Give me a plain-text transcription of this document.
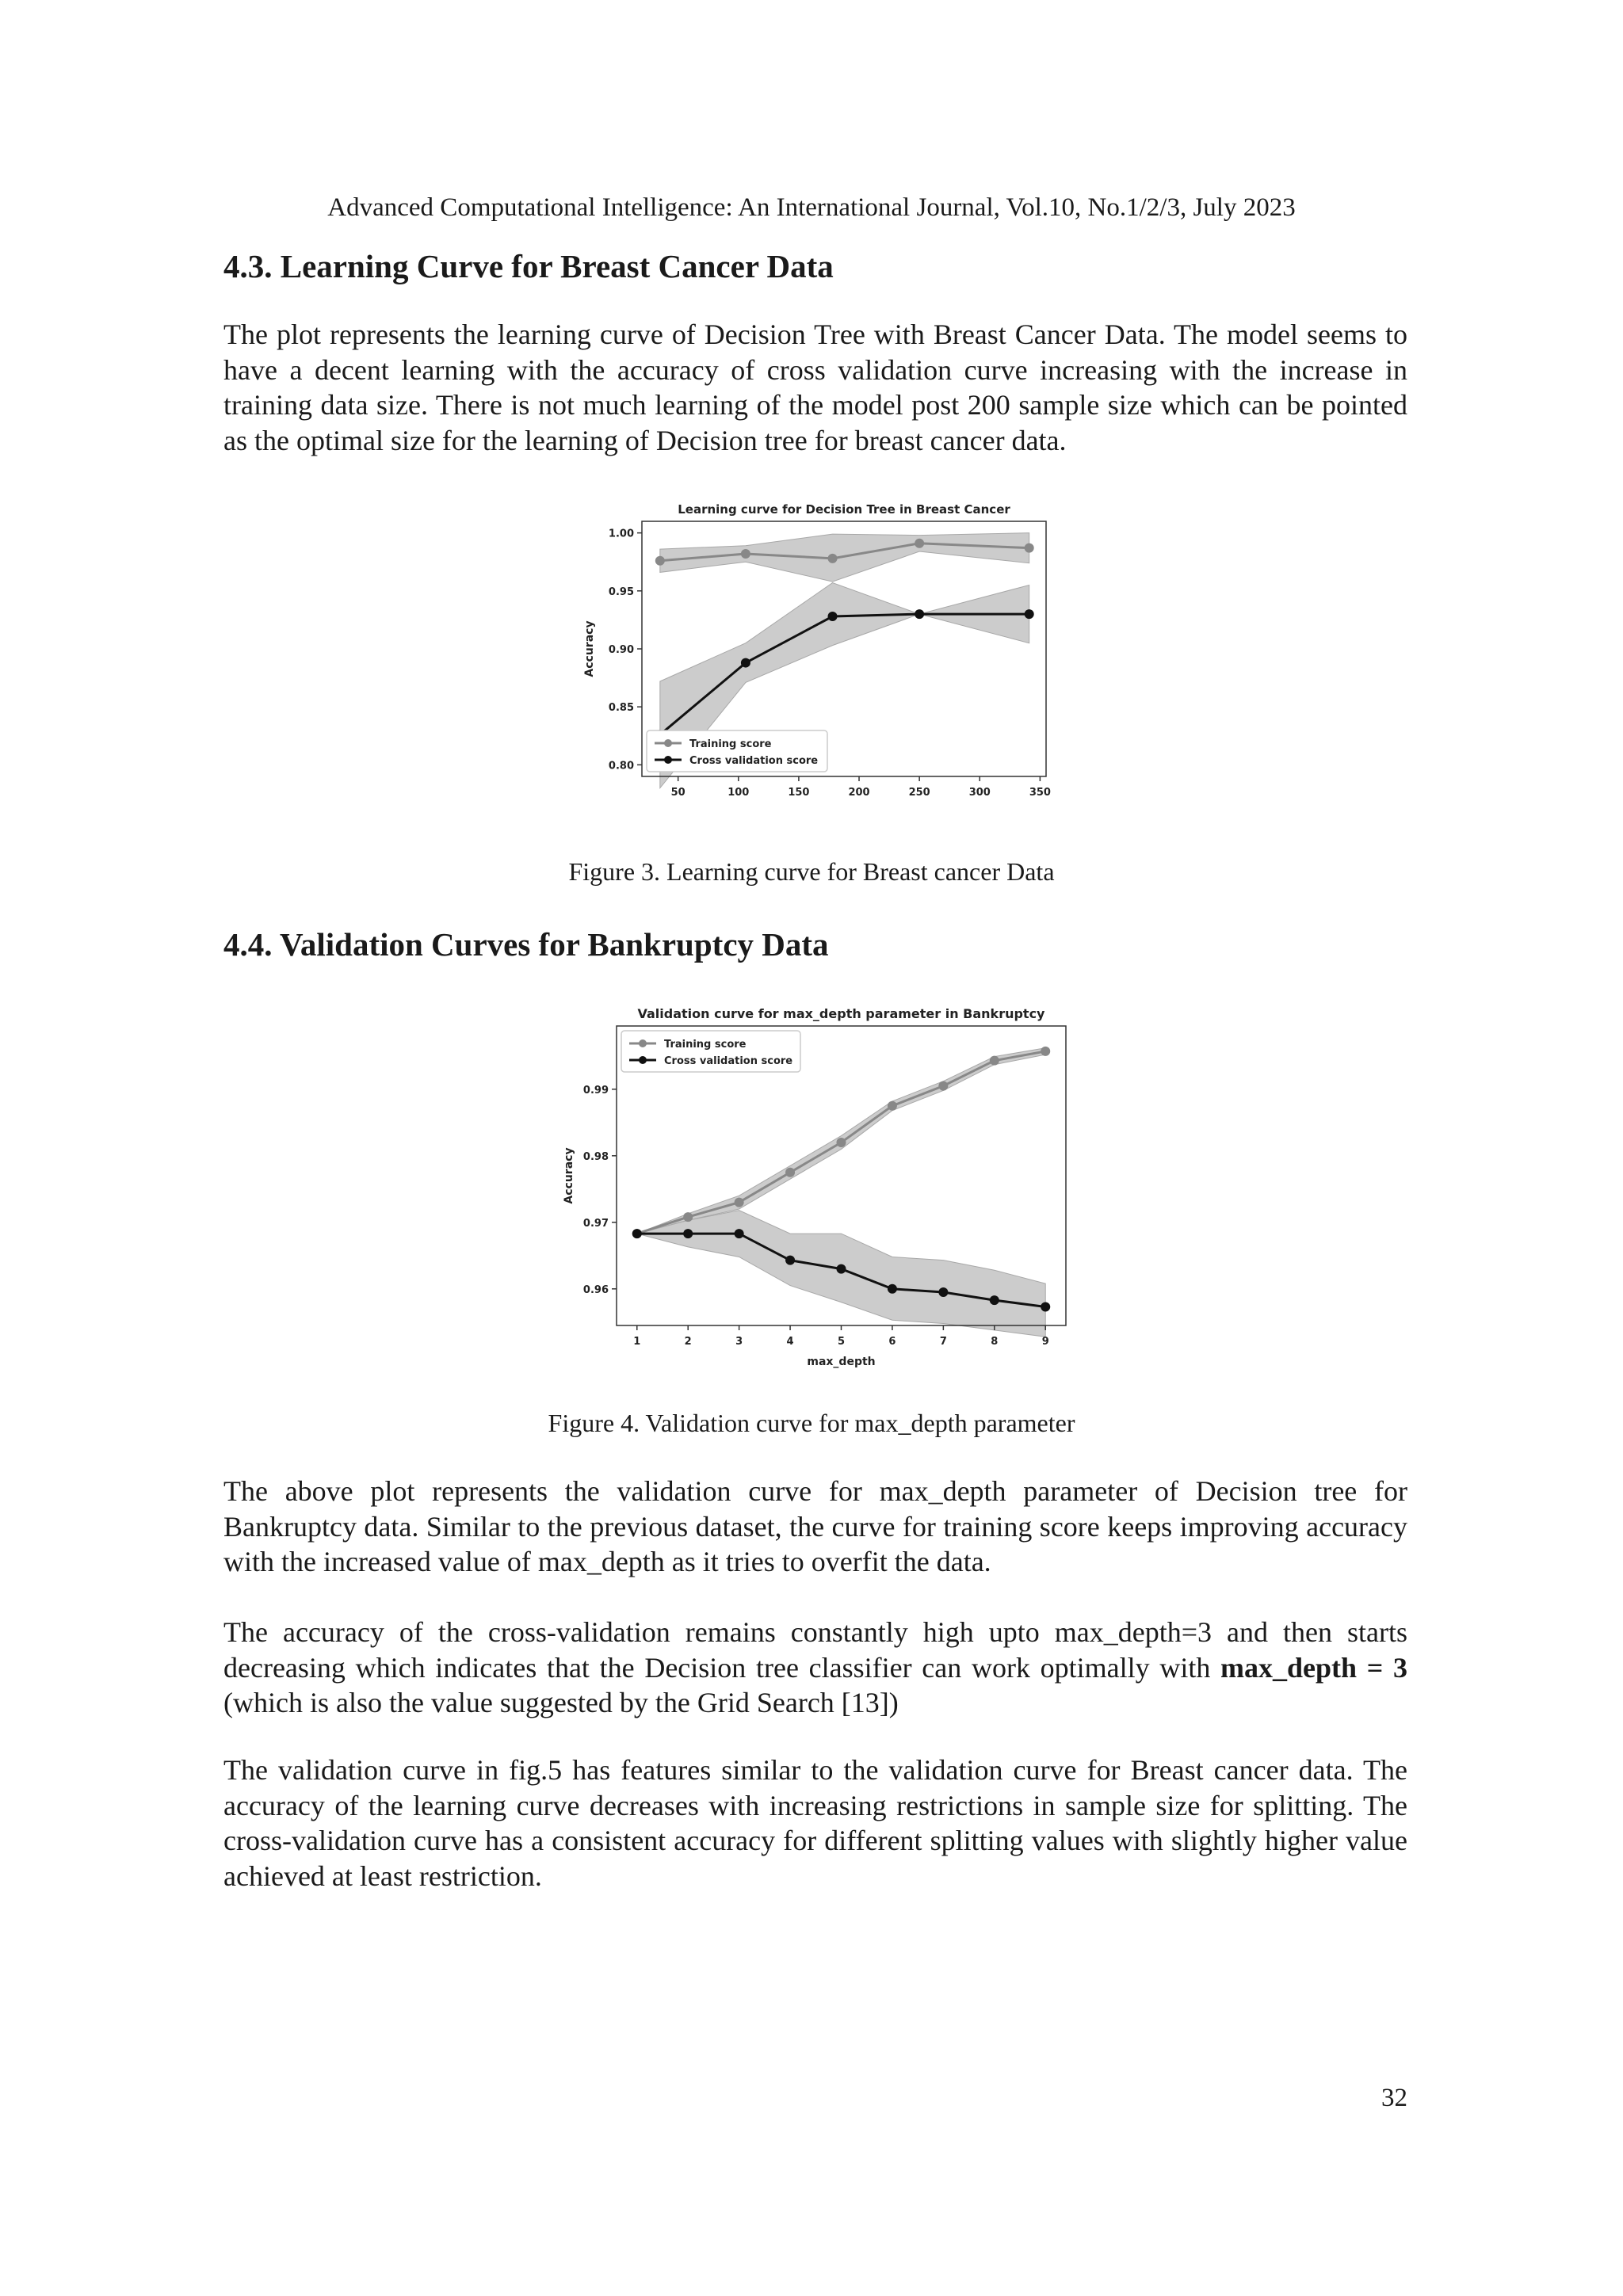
Advanced Computational Intelligence: An International Journal, Vol.10, No.1/2/3, July 2023
4.3. Learning Curve for Breast Cancer Data

The plot represents the learning curve of Decision Tree with Breast Cancer Data. The model seems to have a decent learning with the accuracy of cross validation curve increasing with the increase in training data size. There is not much learning of the model post 200 sample size which can be pointed as the optimal size for the learning of Decision tree for breast cancer data.

Learning curve for Decision Tree in Breast Cancer
0.80
0.85
0.90
0.95
1.00
50	100	150	200	250	300	350
Accuracy
Training score
Cross validation score
Figure 3. Learning curve for Breast cancer Data
4.4. Validation Curves for Bankruptcy Data
Validation curve for max_depth parameter in Bankruptcy
0.96
0.97
0.98
0.99
1	2	3	4	5	6	7	8	9
Accuracy
max_depth
Training score
Cross validation score
Figure 4. Validation curve for max_depth parameter

The above plot represents the validation curve for max_depth parameter of Decision tree for Bankruptcy data. Similar to the previous dataset, the curve for training score keeps improving accuracy with the increased value of max_depth as it tries to overfit the data.

The accuracy of the cross-validation remains constantly high upto max_depth=3 and then starts decreasing which indicates that the Decision tree classifier can work optimally with max_depth = 3 (which is also the value suggested by the Grid Search [13])

The validation curve in fig.5 has features similar to the validation curve for Breast cancer data. The accuracy of the learning curve decreases with increasing restrictions in sample size for splitting. The cross-validation curve has a consistent accuracy for different splitting values with slightly higher value achieved at least restriction.

32
